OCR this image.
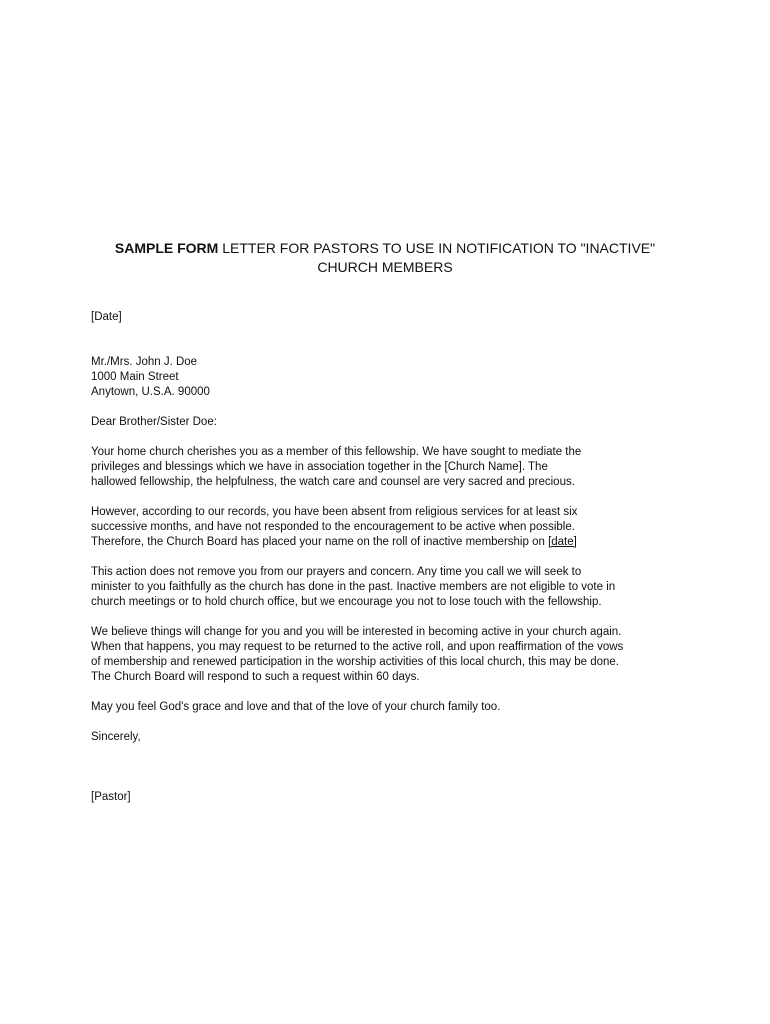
SAMPLE FORM LETTER FOR PASTORS TO USE IN NOTIFICATION TO "INACTIVE"
CHURCH MEMBERS
[Date]
Mr./Mrs. John J. Doe
1000 Main Street
Anytown, U.S.A. 90000
Dear Brother/Sister Doe:
Your home church cherishes you as a member of this fellowship. We have sought to mediate the
privileges and blessings which we have in association together in the [Church Name]. The
hallowed fellowship, the helpfulness, the watch care and counsel are very sacred and precious.
However, according to our records, you have been absent from religious services for at least six
successive months, and have not responded to the encouragement to be active when possible.
Therefore, the Church Board has placed your name on the roll of inactive membership on [date]
This action does not remove you from our prayers and concern. Any time you call we will seek to
minister to you faithfully as the church has done in the past. Inactive members are not eligible to vote in
church meetings or to hold church office, but we encourage you not to lose touch with the fellowship.
We believe things will change for you and you will be interested in becoming active in your church again.
When that happens, you may request to be returned to the active roll, and upon reaffirmation of the vows
of membership and renewed participation in the worship activities of this local church, this may be done.
The Church Board will respond to such a request within 60 days.
May you feel God's grace and love and that of the love of your church family too.
Sincerely,
[Pastor]
